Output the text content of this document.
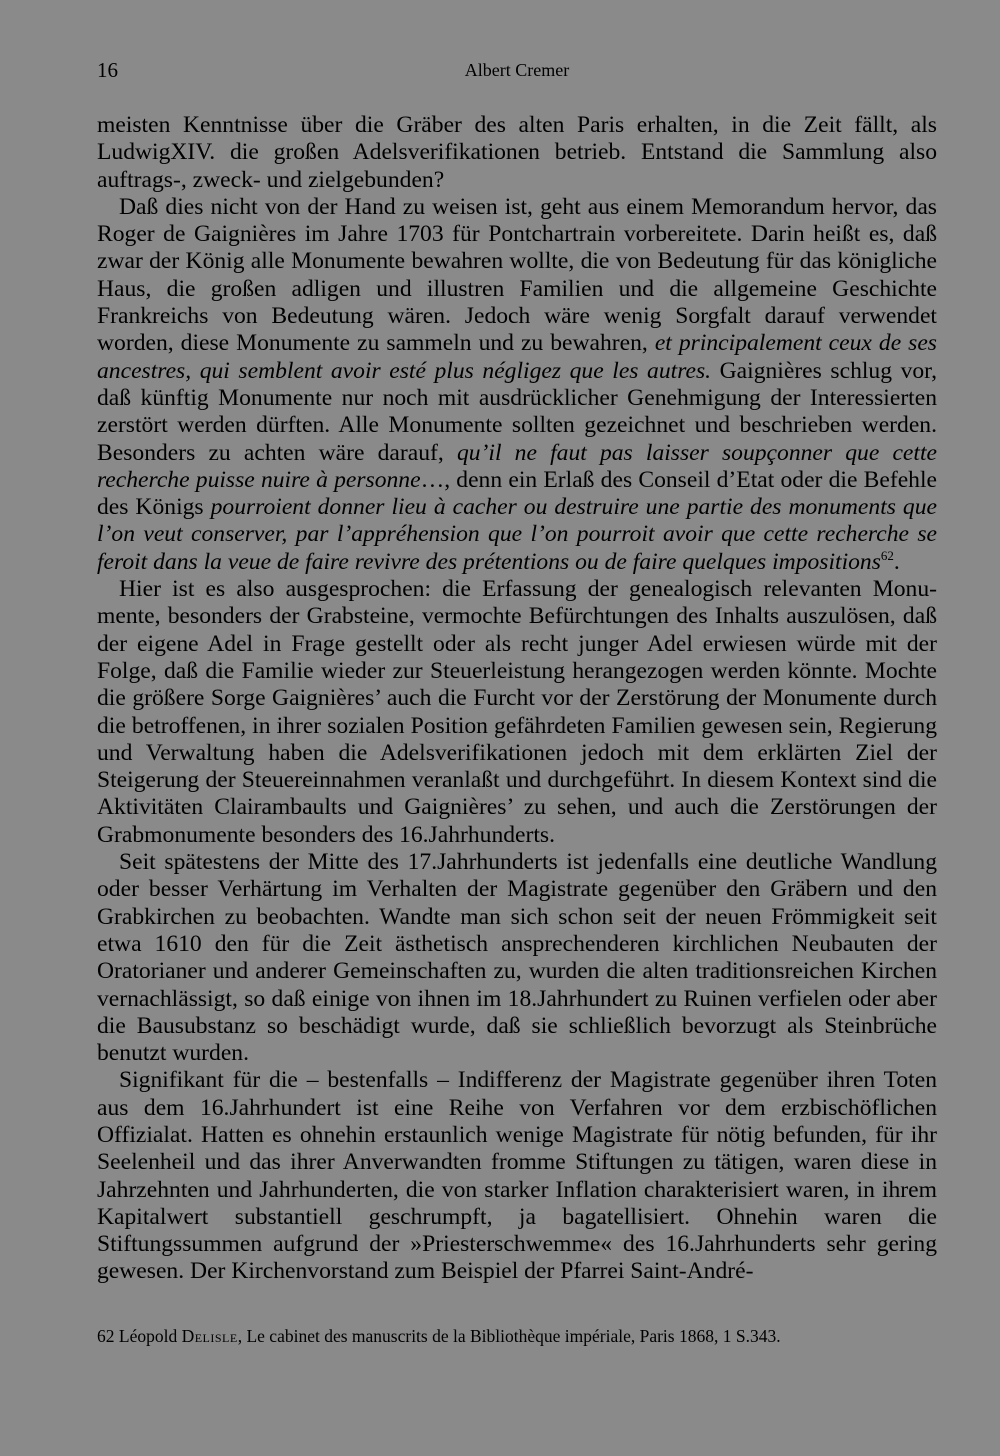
16	Albert Cremer

meisten Kenntnisse über die Gräber des alten Paris erhalten, in die Zeit fällt, als LudwigXIV. die großen Adelsverifikationen betrieb. Entstand die Sammlung also auftrags-, zweck- und zielgebunden?

Daß dies nicht von der Hand zu weisen ist, geht aus einem Memorandum hervor, das Roger de Gaignières im Jahre 1703 für Pontchartrain vorbereitete. Darin heißt es, daß zwar der König alle Monumente bewahren wollte, die von Bedeutung für das königliche Haus, die großen adligen und illustren Familien und die allgemeine Geschichte Frankreichs von Bedeutung wären. Jedoch wäre wenig Sorgfalt darauf verwendet worden, diese Monumente zu sammeln und zu bewahren, et principalement ceux de ses ancestres, qui semblent avoir esté plus négligez que les autres. Gaignières schlug vor, daß künftig Monumente nur noch mit ausdrücklicher Genehmigung der Interessierten zerstört werden dürften. Alle Monumente sollten gezeichnet und beschrieben werden. Besonders zu achten wäre darauf, qu’il ne faut pas laisser soupçonner que cette recherche puisse nuire à personne…, denn ein Erlaß des Conseil d’Etat oder die Befehle des Königs pourroient donner lieu à cacher ou destruire une partie des monuments que l’on veut conserver, par l’appréhension que l’on pourroit avoir que cette recherche se feroit dans la veue de faire revivre des prétentions ou de faire quelques impositions$^{62}$.

Hier ist es also ausgesprochen: die Erfassung der genealogisch relevanten Monumente, besonders der Grabsteine, vermochte Befürchtungen des Inhalts auszulösen, daß der eigene Adel in Frage gestellt oder als recht junger Adel erwiesen würde mit der Folge, daß die Familie wieder zur Steuerleistung herangezogen werden könnte. Mochte die größere Sorge Gaignières’ auch die Furcht vor der Zerstörung der Monumente durch die betroffenen, in ihrer sozialen Position gefährdeten Familien gewesen sein, Regierung und Verwaltung haben die Adelsverifikationen jedoch mit dem erklärten Ziel der Steigerung der Steuereinnahmen veranlaßt und durchgeführt. In diesem Kontext sind die Aktivitäten Clairambaults und Gaignières’ zu sehen, und auch die Zerstörungen der Grabmonumente besonders des 16.Jahrhunderts.

Seit spätestens der Mitte des 17.Jahrhunderts ist jedenfalls eine deutliche Wandlung oder besser Verhärtung im Verhalten der Magistrate gegenüber den Gräbern und den Grabkirchen zu beobachten. Wandte man sich schon seit der neuen Frömmigkeit seit etwa 1610 den für die Zeit ästhetisch ansprechenderen kirchlichen Neubauten der Oratorianer und anderer Gemeinschaften zu, wurden die alten traditionsreichen Kirchen vernachlässigt, so daß einige von ihnen im 18.Jahrhundert zu Ruinen verfielen oder aber die Bausubstanz so beschädigt wurde, daß sie schließlich bevorzugt als Steinbrüche benutzt wurden.

Signifikant für die – bestenfalls – Indifferenz der Magistrate gegenüber ihren Toten aus dem 16.Jahrhundert ist eine Reihe von Verfahren vor dem erzbischöflichen Offizialat. Hatten es ohnehin erstaunlich wenige Magistrate für nötig befunden, für ihr Seelenheil und das ihrer Anverwandten fromme Stiftungen zu tätigen, waren diese in Jahrzehnten und Jahrhunderten, die von starker Inflation charakterisiert waren, in ihrem Kapitalwert substantiell geschrumpft, ja bagatellisiert. Ohnehin waren die Stiftungssummen aufgrund der »Priesterschwemme« des 16.Jahrhunderts sehr gering gewesen. Der Kirchenvorstand zum Beispiel der Pfarrei Saint-André-

62 Léopold Delisle, Le cabinet des manuscrits de la Bibliothèque impériale, Paris 1868, 1 S.343.
